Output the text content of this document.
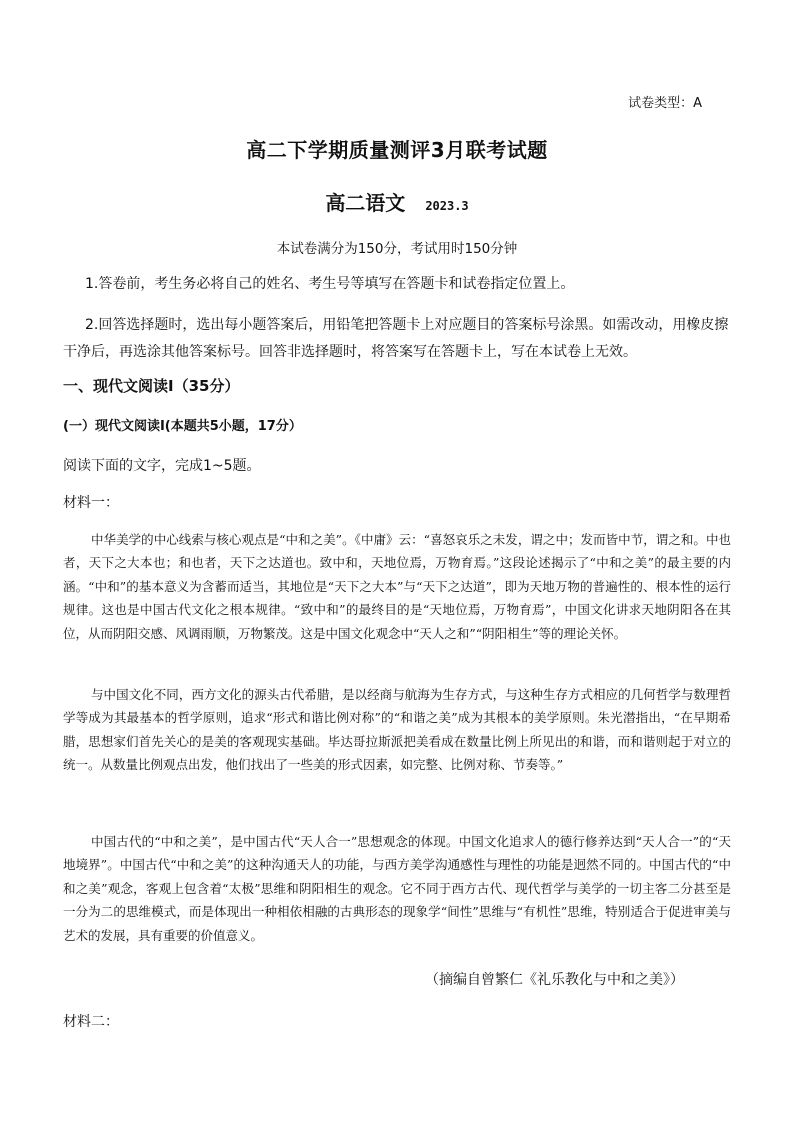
试卷类型：A
高二下学期质量测评3月联考试题
高二语文 2023.3
本试卷满分为150分，考试用时150分钟
1.答卷前，考生务必将自己的姓名、考生号等填写在答题卡和试卷指定位置上。
2.回答选择题时，选出每小题答案后，用铅笔把答题卡上对应题目的答案标号涂黑。如需改动，用橡皮擦干净后，再选涂其他答案标号。回答非选择题时，将答案写在答题卡上，写在本试卷上无效。
一、现代文阅读Ⅰ（35分）
(一）现代文阅读Ⅰ(本题共5小题，17分）
阅读下面的文字，完成1~5题。
材料一：
中华美学的中心线索与核心观点是“中和之美”。《中庸》云：“喜怒哀乐之未发，谓之中；发而皆中节，谓之和。中也者，天下之大本也；和也者，天下之达道也。致中和，天地位焉，万物育焉。”这段论述揭示了“中和之美”的最主要的内涵。“中和”的基本意义为含蓄而适当，其地位是“天下之大本”与“天下之达道”，即为天地万物的普遍性的、根本性的运行规律。这也是中国古代文化之根本规律。“致中和”的最终目的是“天地位焉，万物育焉”，中国文化讲求天地阴阳各在其位，从而阴阳交感、风调雨顺，万物繁茂。这是中国文化观念中“天人之和”“阴阳相生”等的理论关怀。
与中国文化不同，西方文化的源头古代希腊，是以经商与航海为生存方式，与这种生存方式相应的几何哲学与数理哲学等成为其最基本的哲学原则，追求“形式和谐比例对称”的“和谐之美”成为其根本的美学原则。朱光潜指出，“在早期希腊，思想家们首先关心的是美的客观现实基础。毕达哥拉斯派把美看成在数量比例上所见出的和谐，而和谐则起于对立的统一。从数量比例观点出发，他们找出了一些美的形式因素，如完整、比例对称、节奏等。”
中国古代的“中和之美”，是中国古代“天人合一”思想观念的体现。中国文化追求人的德行修养达到“天人合一”的“天地境界”。中国古代“中和之美”的这种沟通天人的功能，与西方美学沟通感性与理性的功能是迥然不同的。中国古代的“中和之美”观念，客观上包含着“太极”思维和阴阳相生的观念。它不同于西方古代、现代哲学与美学的一切主客二分甚至是一分为二的思维模式，而是体现出一种相依相融的古典形态的现象学“间性”思维与“有机性”思维，特别适合于促进审美与艺术的发展，具有重要的价值意义。
（摘编自曾繁仁《礼乐教化与中和之美》）
材料二：
